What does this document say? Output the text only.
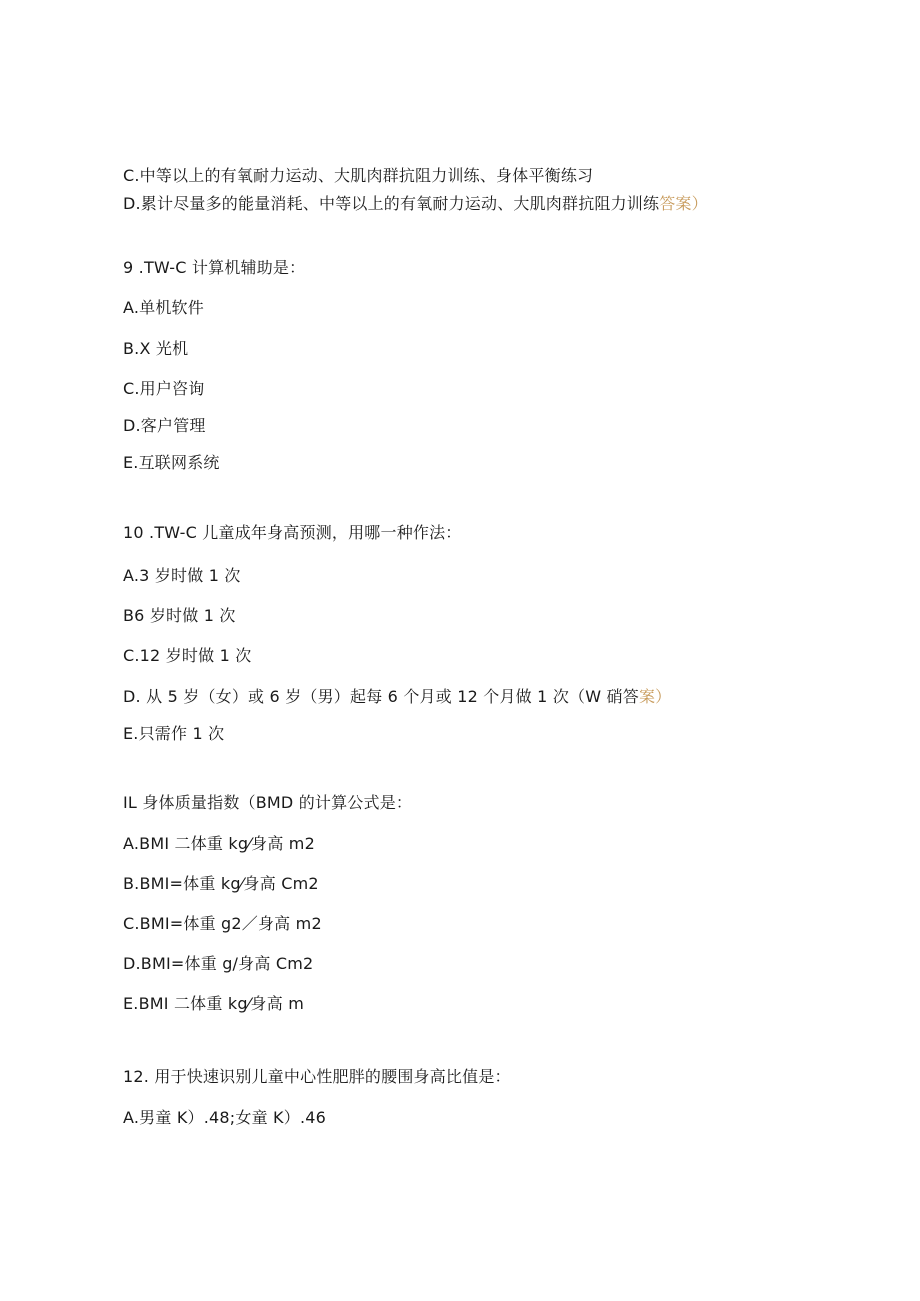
C.中等以上的有氧耐力运动、大肌肉群抗阻力训练、身体平衡练习
D.累计尽量多的能量消耗、中等以上的有氧耐力运动、大肌肉群抗阻力训练答案）
9 .TW-C 计算机辅助是：
A.单机软件
B.X 光机
C.用户咨询
D.客户管理
E.互联网系统
10 .TW-C 儿童成年身高预测，用哪一种作法：
A.3 岁时做 1 次
B6 岁时做 1 次
C.12 岁时做 1 次
D. 从 5 岁（女）或 6 岁（男）起每 6 个月或 12 个月做 1 次（W 硝答案）
E.只需作 1 次
IL 身体质量指数（BMD 的计算公式是：
A.BMI 二体重 kg⁄身高 m2
B.BMI=体重 kg⁄身高 Cm2
C.BMI=体重 g2／身高 m2
D.BMI=体重 g/身高 Cm2
E.BMI 二体重 kg⁄身高 m
12. 用于快速识别儿童中心性肥胖的腰围身高比值是：
A.男童 K）.48;女童 K）.46
